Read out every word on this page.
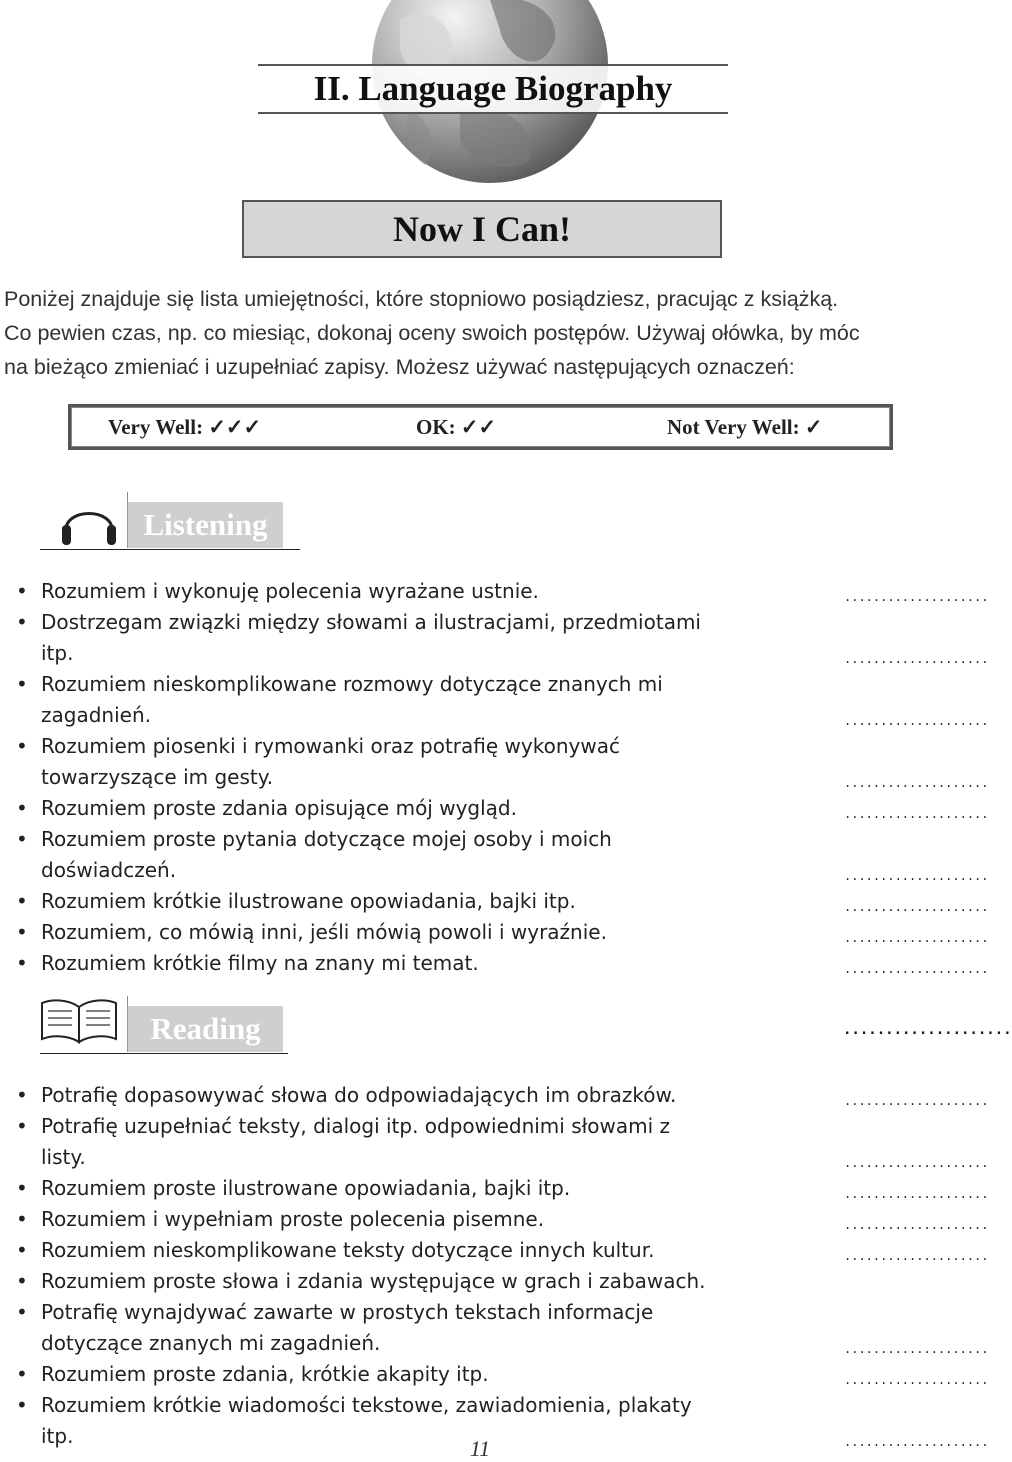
II. Language Biography
Now I Can!

Poniżej znajduje się lista umiejętności, które stopniowo posiądziesz, pracując z książką.

Co pewien czas, np. co miesiąc, dokonaj oceny swoich postępów. Używaj ołówka, by móc

na bieżąco zmieniać i uzupełniać zapisy. Możesz używać następujących oznaczeń:

Very Well: ✓✓✓	OK: ✓✓	Not Very Well: ✓
Listening
• Rozumiem i wykonuję polecenia wyrażane ustnie.	....................
• Dostrzegam związki między słowami a ilustracjami, przedmiotami itp.	....................
• Rozumiem nieskomplikowane rozmowy dotyczące znanych mi zagadnień.	....................
• Rozumiem piosenki i rymowanki oraz potrafię wykonywać towarzyszące im gesty.	....................
• Rozumiem proste zdania opisujące mój wygląd.	....................
• Rozumiem proste pytania dotyczące mojej osoby i moich doświadczeń.	....................
• Rozumiem krótkie ilustrowane opowiadania, bajki itp.	....................
• Rozumiem, co mówią inni, jeśli mówią powoli i wyraźnie.	....................
• Rozumiem krótkie filmy na znany mi temat.	....................
Reading	....................
• Potrafię dopasowywać słowa do odpowiadających im obrazków.	....................
• Potrafię uzupełniać teksty, dialogi itp. odpowiednimi słowami z listy.	....................
• Rozumiem proste ilustrowane opowiadania, bajki itp.	....................
• Rozumiem i wypełniam proste polecenia pisemne.	....................
• Rozumiem nieskomplikowane teksty dotyczące innych kultur.	....................
• Rozumiem proste słowa i zdania występujące w grach i zabawach.
• Potrafię wynajdywać zawarte w prostych tekstach informacje dotyczące znanych mi zagadnień.	....................
• Rozumiem proste zdania, krótkie akapity itp.	....................
• Rozumiem krótkie wiadomości tekstowe, zawiadomienia, plakaty itp.	....................
11
